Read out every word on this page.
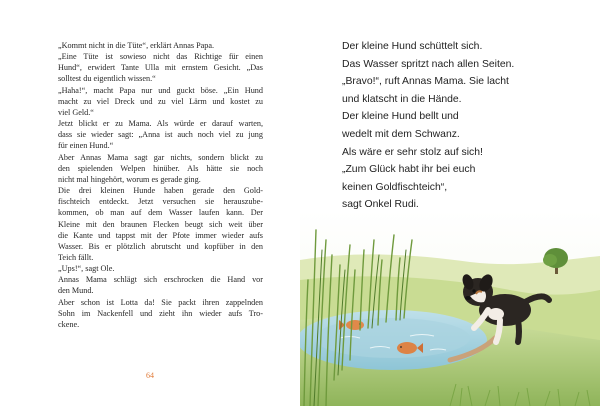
„Kommt nicht in die Tüte“, erklärt Annas Papa.
„Eine Tüte ist sowieso nicht das Richtige für einen
Hund“, erwidert Tante Ulla mit ernstem Gesicht. „Das
solltest du eigentlich wissen.“
„Haha!“, macht Papa nur und guckt böse. „Ein Hund
macht zu viel Dreck und zu viel Lärm und kostet zu
viel Geld.“
Jetzt blickt er zu Mama. Als würde er darauf warten,
dass sie wieder sagt: „Anna ist auch noch viel zu jung
für einen Hund.“
Aber Annas Mama sagt gar nichts, sondern blickt zu
den spielenden Welpen hinüber. Als hätte sie noch
nicht mal hingehört, worum es gerade ging.
Die drei kleinen Hunde haben gerade den Gold-
fischteich entdeckt. Jetzt versuchen sie herauszube-
kommen, ob man auf dem Wasser laufen kann. Der
Kleine mit den braunen Flecken beugt sich weit über
die Kante und tappst mit der Pfote immer wieder aufs
Wasser. Bis er plötzlich abrutscht und kopfüber in den
Teich fällt.
„Ups!“, sagt Ole.
Annas Mama schlägt sich erschrocken die Hand vor
den Mund.
Aber schon ist Lotta da! Sie packt ihren zappelnden
Sohn im Nackenfell und zieht ihn wieder aufs Tro-
ckene.
64
Der kleine Hund schüttelt sich.
Das Wasser spritzt nach allen Seiten.
„Bravo!“, ruft Annas Mama. Sie lacht
und klatscht in die Hände.
Der kleine Hund bellt und
wedelt mit dem Schwanz.
Als wäre er sehr stolz auf sich!
„Zum Glück habt ihr bei euch
keinen Goldfischteich“,
sagt Onkel Rudi.
